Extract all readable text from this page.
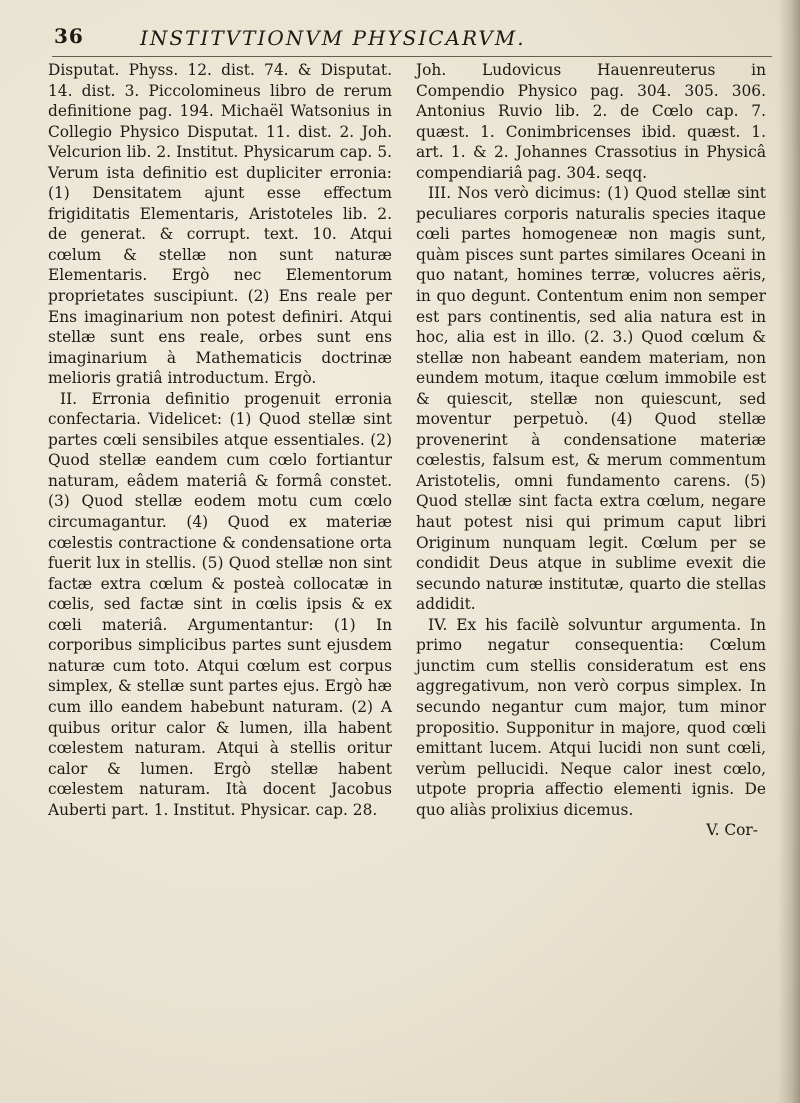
36	INSTITVTIONVM PHYSICARVM.

Disputat. Physs. 12. dist. 74. & Disputat. 14. dist. 3. Piccolomineus libro de rerum definitione pag. 194. Michaël Watsonius in Collegio Physico Disputat. 11. dist. 2. Joh. Velcurion lib. 2. Institut. Physicarum cap. 5. Verum ista definitio est dupliciter erronia: (1) Densitatem ajunt esse effectum frigiditatis Elementaris, Aristoteles lib. 2. de generat. & corrupt. text. 10. Atqui cœlum & stellæ non sunt naturæ Elementaris. Ergò nec Elementorum proprietates suscipiunt. (2) Ens reale per Ens imaginarium non potest definiri. Atqui stellæ sunt ens reale, orbes sunt ens imaginarium à Mathematicis doctrinæ melioris gratiâ introductum. Ergò.

II. Erronia definitio progenuit erronia confectaria. Videlicet: (1) Quod stellæ sint partes cœli sensibiles atque essentiales. (2) Quod stellæ eandem cum cœlo fortiantur naturam, eâdem materiâ & formâ constet. (3) Quod stellæ eodem motu cum cœlo circumagantur. (4) Quod ex materiæ cœlestis contractione & condensatione orta fuerit lux in stellis. (5) Quod stellæ non sint factæ extra cœlum & posteà collocatæ in cœlis, sed factæ sint in cœlis ipsis & ex cœli materiâ. Argumentantur: (1) In corporibus simplicibus partes sunt ejusdem naturæ cum toto. Atqui cœlum est corpus simplex, & stellæ sunt partes ejus. Ergò hæ cum illo eandem habebunt naturam. (2) A quibus oritur calor & lumen, illa habent cœlestem naturam. Atqui à stellis oritur calor & lumen. Ergò stellæ habent cœlestem naturam. Ità docent Jacobus Auberti part. 1. Institut. Physicar. cap. 28.

Joh. Ludovicus Hauenreuterus in Compendio Physico pag. 304. 305. 306. Antonius Ruvio lib. 2. de Cœlo cap. 7. quæst. 1. Conimbricenses ibid. quæst. 1. art. 1. & 2. Johannes Crassotius in Physicâ compendiariâ pag. 304. seqq.

III. Nos verò dicimus: (1) Quod stellæ sint peculiares corporis naturalis species itaque cœli partes homogeneæ non magis sunt, quàm pisces sunt partes similares Oceani in quo natant, homines terræ, volucres aëris, in quo degunt. Contentum enim non semper est pars continentis, sed alia natura est in hoc, alia est in illo. (2. 3.) Quod cœlum & stellæ non habeant eandem materiam, non eundem motum, itaque cœlum immobile est & quiescit, stellæ non quiescunt, sed moventur perpetuò. (4) Quod stellæ provenerint à condensatione materiæ cœlestis, falsum est, & merum commentum Aristotelis, omni fundamento carens. (5) Quod stellæ sint facta extra cœlum, negare haut potest nisi qui primum caput libri Originum nunquam legit. Cœlum per se condidit Deus atque in sublime evexit die secundo naturæ institutæ, quarto die stellas addidit.

IV. Ex his facilè solvuntur argumenta. In primo negatur consequentia: Cœlum junctim cum stellis consideratum est ens aggregativum, non verò corpus simplex. In secundo negantur cum major, tum minor propositio. Supponitur in majore, quod cœli emittant lucem. Atqui lucidi non sunt cœli, verùm pellucidi. Neque calor inest cœlo, utpote propria affectio elementi ignis. De quo aliàs prolixius dicemus.

V. Cor-
